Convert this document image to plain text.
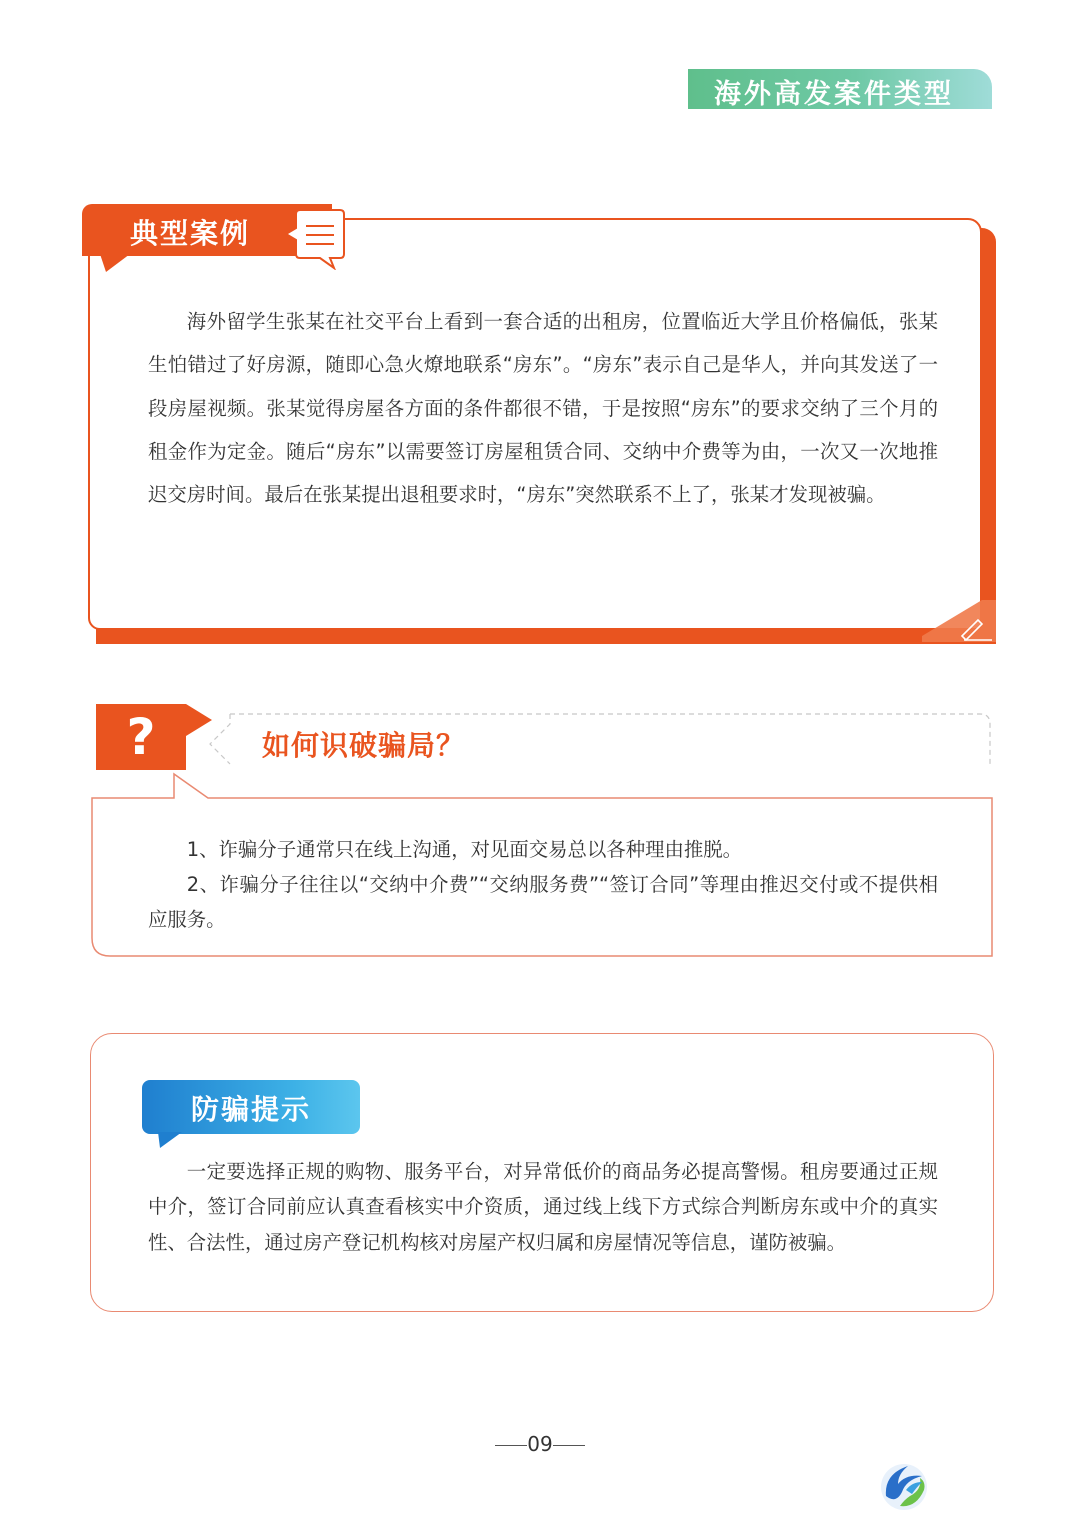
海外高发案件类型
典型案例

海外留学生张某在社交平台上看到一套合适的出租房，位置临近大学且价格偏低，张某生怕错过了好房源，随即心急火燎地联系“房东”。“房东”表示自己是华人，并向其发送了一段房屋视频。张某觉得房屋各方面的条件都很不错，于是按照“房东”的要求交纳了三个月的租金作为定金。随后“房东”以需要签订房屋租赁合同、交纳中介费等为由，一次又一次地推迟交房时间。最后在张某提出退租要求时，“房东”突然联系不上了，张某才发现被骗。

?	如何识破骗局？
1、诈骗分子通常只在线上沟通，对见面交易总以各种理由推脱。
2、诈骗分子往往以“交纳中介费”“交纳服务费”“签订合同”等理由推迟交付或不提供相应服务。
防骗提示

一定要选择正规的购物、服务平台，对异常低价的商品务必提高警惕。租房要通过正规中介，签订合同前应认真查看核实中介资质，通过线上线下方式综合判断房东或中介的真实性、合法性，通过房产登记机构核对房屋产权归属和房屋情况等信息，谨防被骗。

09
